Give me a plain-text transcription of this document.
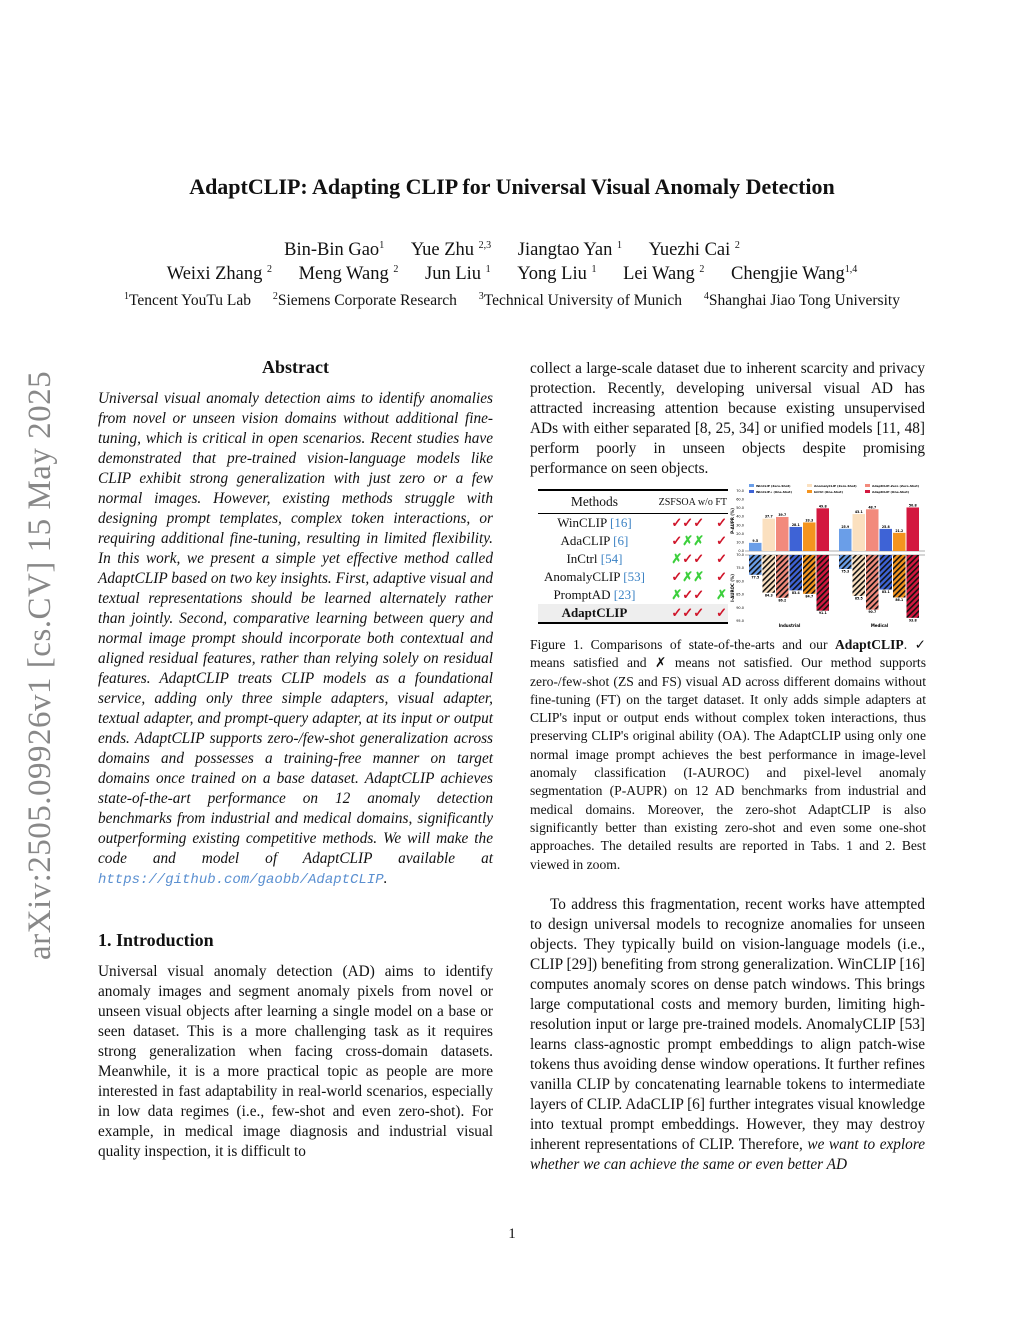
arXiv:2505.09926v1 [cs.CV] 15 May 2025
AdaptCLIP: Adapting CLIP for Universal Visual Anomaly Detection
Bin-Bin Gao$^1$ Yue Zhu $^{2,3}$ Jiangtao Yan $^1$ Yuezhi Cai $^2$
Weixi Zhang $^2$ Meng Wang $^2$ Jun Liu $^1$ Yong Liu $^1$ Lei Wang $^2$ Chengjie Wang$^{1,4}$
$^1$Tencent YouTu Lab $^2$Siemens Corporate Research $^3$Technical University of Munich $^4$Shanghai Jiao Tong University
Abstract

Universal visual anomaly detection aims to identify anomalies from novel or unseen vision domains without additional fine-tuning, which is critical in open scenarios. Recent studies have demonstrated that pre-trained vision-language models like CLIP exhibit strong generalization with just zero or a few normal images. However, existing methods struggle with designing prompt templates, complex token interactions, or requiring additional fine-tuning, resulting in limited flexibility. In this work, we present a simple yet effective method called AdaptCLIP based on two key insights. First, adaptive visual and textual representations should be learned alternately rather than jointly. Second, comparative learning between query and normal image prompt should incorporate both contextual and aligned residual features, rather than relying solely on residual features. AdaptCLIP treats CLIP models as a foundational service, adding only three simple adapters, visual adapter, textual adapter, and prompt-query adapter, at its input or output ends. AdaptCLIP supports zero-/few-shot generalization across domains and possesses a training-free manner on target domains once trained on a base dataset. AdaptCLIP achieves state-of-the-art performance on 12 anomaly detection benchmarks from industrial and medical domains, significantly outperforming existing competitive methods. We will make the code and model of AdaptCLIP available at https://github.com/gaobb/AdaptCLIP.

1. Introduction

Universal visual anomaly detection (AD) aims to identify anomaly images and segment anomaly pixels from novel or unseen visual objects after learning a single model on a base or seen dataset. This is a more challenging task as it requires strong generalization when facing cross-domain datasets. Meanwhile, it is a more practical topic as people are more interested in fast adaptability in real-world scenarios, especially in low data regimes (i.e., few-shot and even zero-shot). For example, in medical image diagnosis and industrial visual quality inspection, it is difficult to

collect a large-scale dataset due to inherent scarcity and privacy protection. Recently, developing universal visual AD has attracted increasing attention because existing unsupervised ADs with either separated [8, 25, 34] or unified models [11, 48] perform poorly in unseen objects despite promising performance on seen objects.

Methods	ZSFSOA w/o FT
WinCLIP [16]	✓✓✓ ✓
AdaCLIP [6]	✓✗✗ ✓
InCtrl [54]	✗✓✓ ✓
AnomalyCLIP [53]	✓✗✗ ✓
PromptAD [23]	✗✓✓ ✗
AdaptCLIP	✓✓✓ ✓
WinCLIP (Zero-Shot)	AnomalyCLIP (Zero-Shot)	AdaptCLIP-Zero (Zero-Shot)
WinCLIP+ (One-Shot)	InCtrl (One-Shot)	AdaptCLIP (One-Shot)
0.0
10.0
20.0
30.0
40.0
50.0
60.0
70.0
70.0
75.0
80.0
85.0
90.0
95.0
P-AUPR (%)
I-AUROC (%)
9.5
77.5
37.7
84.3
39.7
86.2
28.1
83.4
33.3
84.7
49.8
91.1
Industrial
25.9
75.3
43.1
85.5
48.7
90.7
25.8
83.1
21.2
86.1
50.8
93.8
Medical
Figure 1. Comparisons of state-of-the-arts and our AdaptCLIP. ✓ means satisfied and ✗ means not satisfied. Our method supports zero-/few-shot (ZS and FS) visual AD across different domains without fine-tuning (FT) on the target dataset. It only adds simple adapters at CLIP's input or output ends without complex token interactions, thus preserving CLIP's original ability (OA). The AdaptCLIP using only one normal image prompt achieves the best performance in image-level anomaly classification (I-AUROC) and pixel-level anomaly segmentation (P-AUPR) on 12 AD benchmarks from industrial and medical domains. Moreover, the zero-shot AdaptCLIP is also significantly better than existing zero-shot and even some one-shot approaches. The detailed results are reported in Tabs. 1 and 2. Best viewed in zoom.

To address this fragmentation, recent works have attempted to design universal models to recognize anomalies for unseen objects. They typically build on vision-language models (i.e., CLIP [29]) benefiting from strong generalization. WinCLIP [16] computes anomaly scores on dense patch windows. This brings large computational costs and memory burden, limiting high-resolution input or large pre-trained models. AnomalyCLIP [53] learns class-agnostic prompt embeddings to align patch-wise tokens thus avoiding dense window operations. It further refines vanilla CLIP by concatenating learnable tokens to intermediate layers of CLIP. AdaCLIP [6] further integrates visual knowledge into textual prompt embeddings. However, they may destroy inherent representations of CLIP. Therefore, we want to explore whether we can achieve the same or even better AD

1
